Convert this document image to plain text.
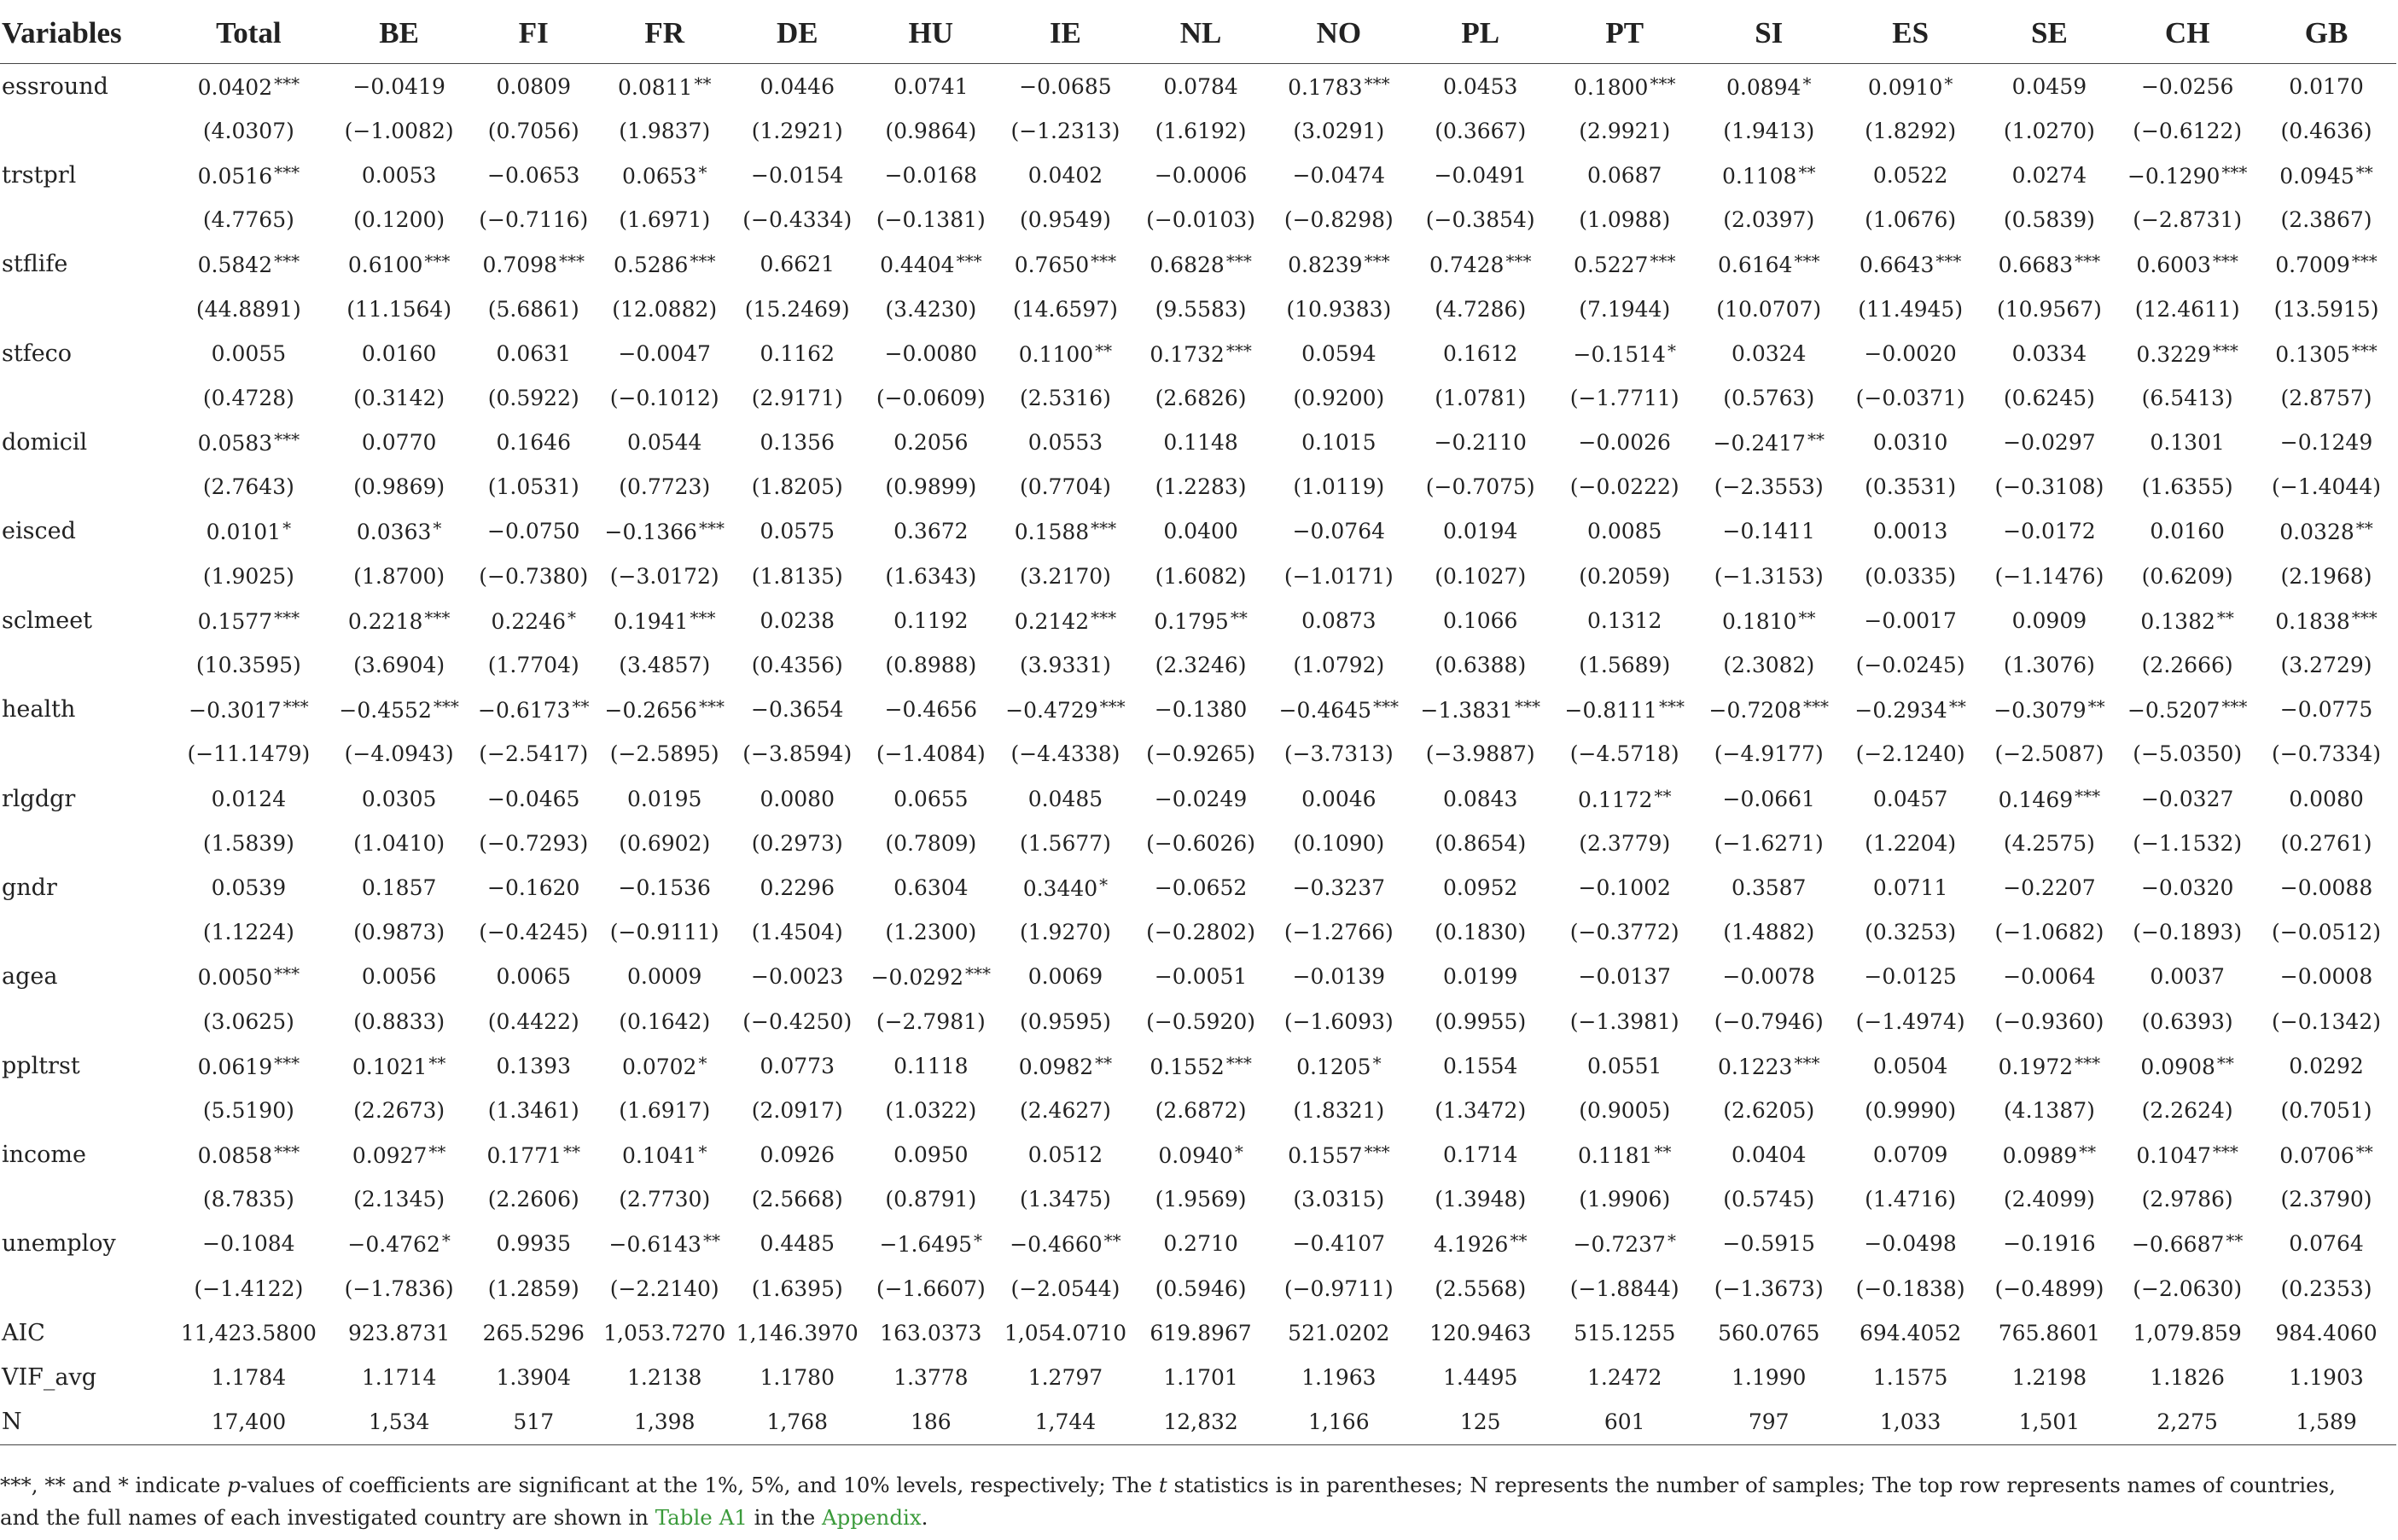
Variables	Total	BE	FI	FR	DE	HU	IE	NL	NO	PL	PT	SI	ES	SE	CH	GB
essround	0.0402 ***	−0.0419	0.0809	0.0811 **	0.0446	0.0741	−0.0685	0.0784	0.1783 ***	0.0453	0.1800 ***	0.0894 *	0.0910 *	0.0459	−0.0256	0.0170
	(4.0307)	(−1.0082)	(0.7056)	(1.9837)	(1.2921)	(0.9864)	(−1.2313)	(1.6192)	(3.0291)	(0.3667)	(2.9921)	(1.9413)	(1.8292)	(1.0270)	(−0.6122)	(0.4636)
trstprl	0.0516 ***	0.0053	−0.0653	0.0653 *	−0.0154	−0.0168	0.0402	−0.0006	−0.0474	−0.0491	0.0687	0.1108 **	0.0522	0.0274	−0.1290 ***	0.0945 **
	(4.7765)	(0.1200)	(−0.7116)	(1.6971)	(−0.4334)	(−0.1381)	(0.9549)	(−0.0103)	(−0.8298)	(−0.3854)	(1.0988)	(2.0397)	(1.0676)	(0.5839)	(−2.8731)	(2.3867)
stflife	0.5842 ***	0.6100 ***	0.7098 ***	0.5286 ***	0.6621	0.4404 ***	0.7650 ***	0.6828 ***	0.8239 ***	0.7428 ***	0.5227 ***	0.6164 ***	0.6643 ***	0.6683 ***	0.6003 ***	0.7009 ***
	(44.8891)	(11.1564)	(5.6861)	(12.0882)	(15.2469)	(3.4230)	(14.6597)	(9.5583)	(10.9383)	(4.7286)	(7.1944)	(10.0707)	(11.4945)	(10.9567)	(12.4611)	(13.5915)
stfeco	0.0055	0.0160	0.0631	−0.0047	0.1162	−0.0080	0.1100 **	0.1732 ***	0.0594	0.1612	−0.1514 *	0.0324	−0.0020	0.0334	0.3229 ***	0.1305 ***
	(0.4728)	(0.3142)	(0.5922)	(−0.1012)	(2.9171)	(−0.0609)	(2.5316)	(2.6826)	(0.9200)	(1.0781)	(−1.7711)	(0.5763)	(−0.0371)	(0.6245)	(6.5413)	(2.8757)
domicil	0.0583 ***	0.0770	0.1646	0.0544	0.1356	0.2056	0.0553	0.1148	0.1015	−0.2110	−0.0026	−0.2417 **	0.0310	−0.0297	0.1301	−0.1249
	(2.7643)	(0.9869)	(1.0531)	(0.7723)	(1.8205)	(0.9899)	(0.7704)	(1.2283)	(1.0119)	(−0.7075)	(−0.0222)	(−2.3553)	(0.3531)	(−0.3108)	(1.6355)	(−1.4044)
eisced	0.0101 *	0.0363 *	−0.0750	−0.1366 ***	0.0575	0.3672	0.1588 ***	0.0400	−0.0764	0.0194	0.0085	−0.1411	0.0013	−0.0172	0.0160	0.0328 **
	(1.9025)	(1.8700)	(−0.7380)	(−3.0172)	(1.8135)	(1.6343)	(3.2170)	(1.6082)	(−1.0171)	(0.1027)	(0.2059)	(−1.3153)	(0.0335)	(−1.1476)	(0.6209)	(2.1968)
sclmeet	0.1577 ***	0.2218 ***	0.2246 *	0.1941 ***	0.0238	0.1192	0.2142 ***	0.1795 **	0.0873	0.1066	0.1312	0.1810 **	−0.0017	0.0909	0.1382 **	0.1838 ***
	(10.3595)	(3.6904)	(1.7704)	(3.4857)	(0.4356)	(0.8988)	(3.9331)	(2.3246)	(1.0792)	(0.6388)	(1.5689)	(2.3082)	(−0.0245)	(1.3076)	(2.2666)	(3.2729)
health	−0.3017 ***	−0.4552 ***	−0.6173 **	−0.2656 ***	−0.3654	−0.4656	−0.4729 ***	−0.1380	−0.4645 ***	−1.3831 ***	−0.8111 ***	−0.7208 ***	−0.2934 **	−0.3079 **	−0.5207 ***	−0.0775
	(−11.1479)	(−4.0943)	(−2.5417)	(−2.5895)	(−3.8594)	(−1.4084)	(−4.4338)	(−0.9265)	(−3.7313)	(−3.9887)	(−4.5718)	(−4.9177)	(−2.1240)	(−2.5087)	(−5.0350)	(−0.7334)
rlgdgr	0.0124	0.0305	−0.0465	0.0195	0.0080	0.0655	0.0485	−0.0249	0.0046	0.0843	0.1172 **	−0.0661	0.0457	0.1469 ***	−0.0327	0.0080
	(1.5839)	(1.0410)	(−0.7293)	(0.6902)	(0.2973)	(0.7809)	(1.5677)	(−0.6026)	(0.1090)	(0.8654)	(2.3779)	(−1.6271)	(1.2204)	(4.2575)	(−1.1532)	(0.2761)
gndr	0.0539	0.1857	−0.1620	−0.1536	0.2296	0.6304	0.3440 *	−0.0652	−0.3237	0.0952	−0.1002	0.3587	0.0711	−0.2207	−0.0320	−0.0088
	(1.1224)	(0.9873)	(−0.4245)	(−0.9111)	(1.4504)	(1.2300)	(1.9270)	(−0.2802)	(−1.2766)	(0.1830)	(−0.3772)	(1.4882)	(0.3253)	(−1.0682)	(−0.1893)	(−0.0512)
agea	0.0050 ***	0.0056	0.0065	0.0009	−0.0023	−0.0292 ***	0.0069	−0.0051	−0.0139	0.0199	−0.0137	−0.0078	−0.0125	−0.0064	0.0037	−0.0008
	(3.0625)	(0.8833)	(0.4422)	(0.1642)	(−0.4250)	(−2.7981)	(0.9595)	(−0.5920)	(−1.6093)	(0.9955)	(−1.3981)	(−0.7946)	(−1.4974)	(−0.9360)	(0.6393)	(−0.1342)
ppltrst	0.0619 ***	0.1021 **	0.1393	0.0702 *	0.0773	0.1118	0.0982 **	0.1552 ***	0.1205 *	0.1554	0.0551	0.1223 ***	0.0504	0.1972 ***	0.0908 **	0.0292
	(5.5190)	(2.2673)	(1.3461)	(1.6917)	(2.0917)	(1.0322)	(2.4627)	(2.6872)	(1.8321)	(1.3472)	(0.9005)	(2.6205)	(0.9990)	(4.1387)	(2.2624)	(0.7051)
income	0.0858 ***	0.0927 **	0.1771 **	0.1041 *	0.0926	0.0950	0.0512	0.0940 *	0.1557 ***	0.1714	0.1181 **	0.0404	0.0709	0.0989 **	0.1047 ***	0.0706 **
	(8.7835)	(2.1345)	(2.2606)	(2.7730)	(2.5668)	(0.8791)	(1.3475)	(1.9569)	(3.0315)	(1.3948)	(1.9906)	(0.5745)	(1.4716)	(2.4099)	(2.9786)	(2.3790)
unemploy	−0.1084	−0.4762 *	0.9935	−0.6143 **	0.4485	−1.6495 *	−0.4660 **	0.2710	−0.4107	4.1926 **	−0.7237 *	−0.5915	−0.0498	−0.1916	−0.6687 **	0.0764
	(−1.4122)	(−1.7836)	(1.2859)	(−2.2140)	(1.6395)	(−1.6607)	(−2.0544)	(0.5946)	(−0.9711)	(2.5568)	(−1.8844)	(−1.3673)	(−0.1838)	(−0.4899)	(−2.0630)	(0.2353)
AIC	11,423.5800	923.8731	265.5296	1,053.7270	1,146.3970	163.0373	1,054.0710	619.8967	521.0202	120.9463	515.1255	560.0765	694.4052	765.8601	1,079.859	984.4060
VIF_avg	1.1784	1.1714	1.3904	1.2138	1.1780	1.3778	1.2797	1.1701	1.1963	1.4495	1.2472	1.1990	1.1575	1.2198	1.1826	1.1903
N	17,400	1,534	517	1,398	1,768	186	1,744	12,832	1,166	125	601	797	1,033	1,501	2,275	1,589
***, ** and * indicate p-values of coefficients are significant at the 1%, 5%, and 10% levels, respectively; The t statistics is in parentheses; N represents the number of samples; The top row represents names of countries, and the full names of each investigated country are shown in Table A1 in the Appendix.
